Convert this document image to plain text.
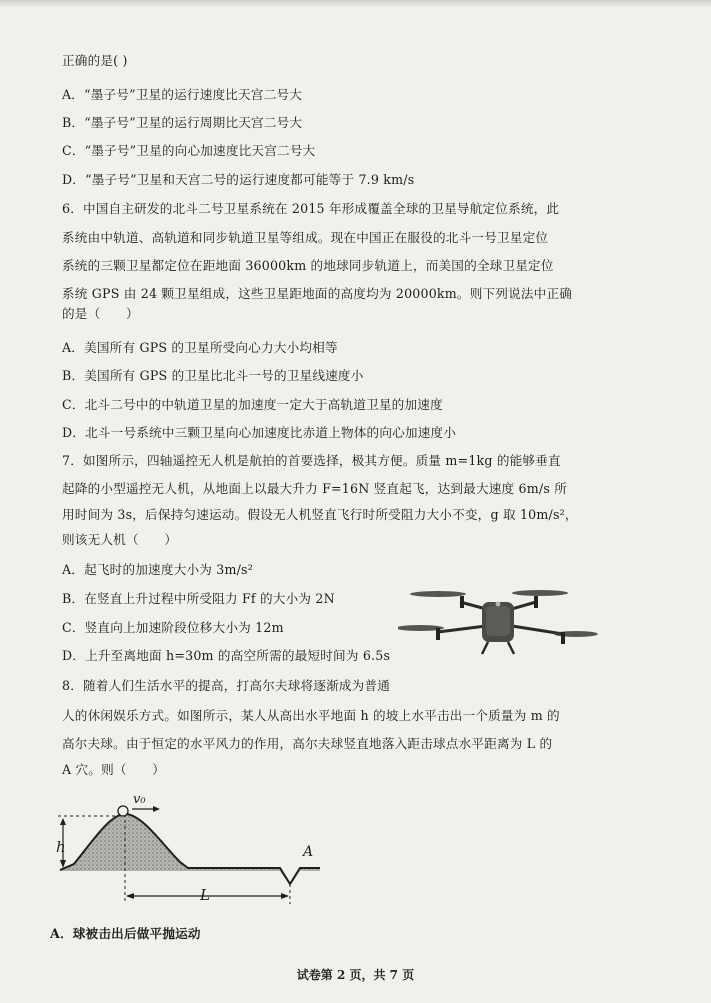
正确的是( )
A．“墨子号”卫星的运行速度比天宫二号大
B．“墨子号”卫星的运行周期比天宫二号大
C．“墨子号”卫星的向心加速度比天宫二号大
D．“墨子号”卫星和天宫二号的运行速度都可能等于 7.9 km/s
6．中国自主研发的北斗二号卫星系统在 2015 年形成覆盖全球的卫星导航定位系统，此
系统由中轨道、高轨道和同步轨道卫星等组成。现在中国正在服役的北斗一号卫星定位
系统的三颗卫星都定位在距地面 36000km 的地球同步轨道上，而美国的全球卫星定位
系统 GPS 由 24 颗卫星组成，这些卫星距地面的高度均为 20000km。则下列说法中正确
的是（　　）
A．美国所有 GPS 的卫星所受向心力大小均相等
B．美国所有 GPS 的卫星比北斗一号的卫星线速度小
C．北斗二号中的中轨道卫星的加速度一定大于高轨道卫星的加速度
D．北斗一号系统中三颗卫星向心加速度比赤道上物体的向心加速度小
7．如图所示，四轴遥控无人机是航拍的首要选择，极其方便。质量 m=1kg 的能够垂直
起降的小型遥控无人机，从地面上以最大升力 F=16N 竖直起飞，达到最大速度 6m/s 所
用时间为 3s，后保持匀速运动。假设无人机竖直飞行时所受阻力大小不变，g 取 10m/s²，
则该无人机（　　）
A．起飞时的加速度大小为 3m/s²
B．在竖直上升过程中所受阻力 Ff 的大小为 2N
C．竖直向上加速阶段位移大小为 12m
D．上升至离地面 h=30m 的高空所需的最短时间为 6.5s
8．随着人们生活水平的提高，打高尔夫球将逐渐成为普通
人的休闲娱乐方式。如图所示，某人从高出水平地面 h 的坡上水平击出一个质量为 m 的
高尔夫球。由于恒定的水平风力的作用，高尔夫球竖直地落入距击球点水平距离为 L 的
A 穴。则（　　）
v₀
h	A
L
A．球被击出后做平抛运动
试卷第 2 页，共 7 页
